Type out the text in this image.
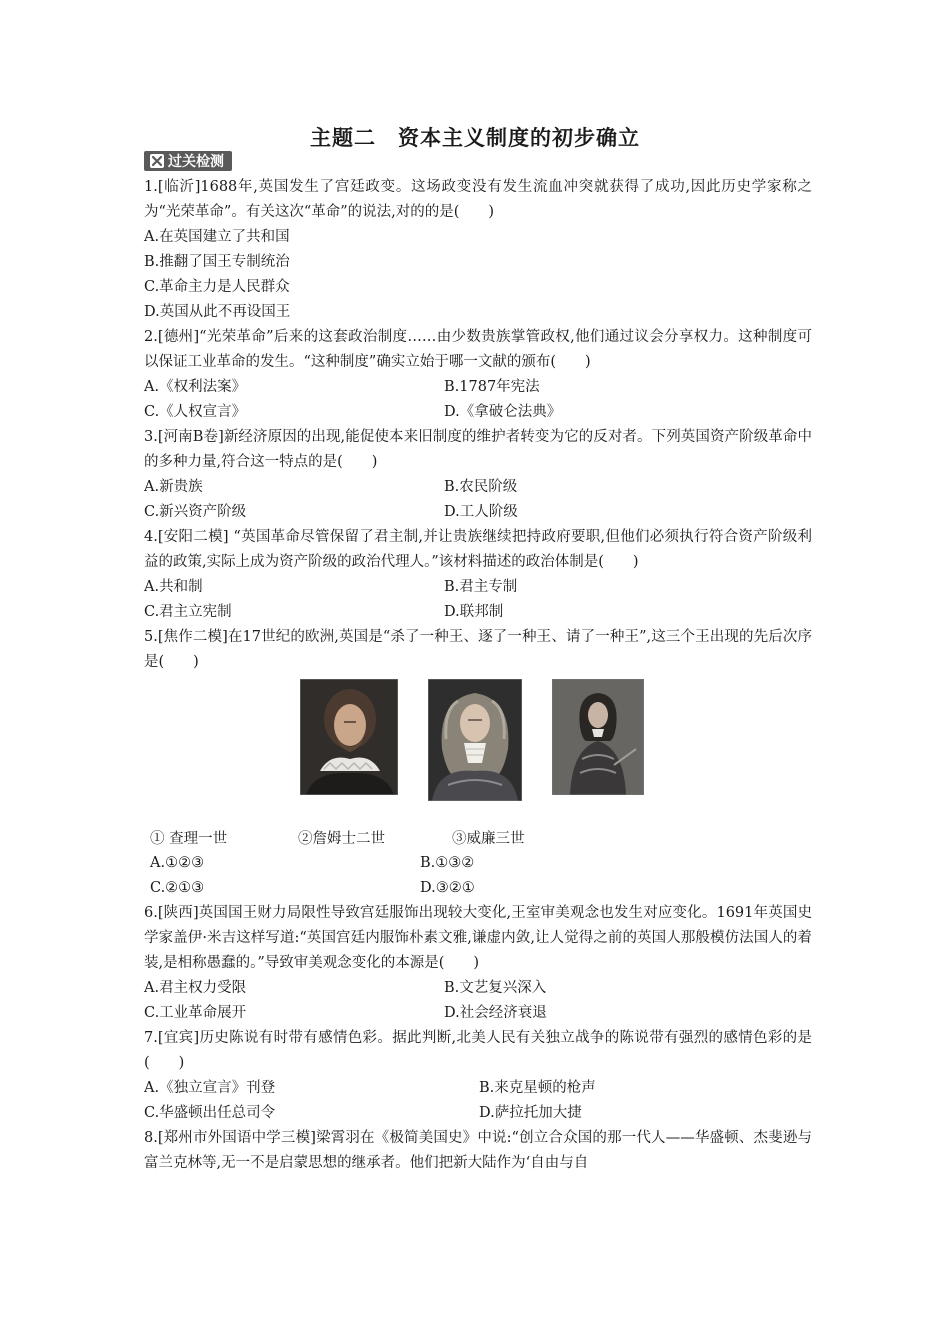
主题二　资本主义制度的初步确立
过关检测
1.[临沂]1688年,英国发生了宫廷政变。这场政变没有发生流血冲突就获得了成功,因此历史学家称之为“光荣革命”。有关这次“革命”的说法,对的的是(　　)
A.在英国建立了共和国
B.推翻了国王专制统治
C.革命主力是人民群众
D.英国从此不再设国王
2.[德州]“光荣革命”后来的这套政治制度……由少数贵族掌管政权,他们通过议会分享权力。这种制度可以保证工业革命的发生。“这种制度”确实立始于哪一文献的颁布(　　)
A.《权利法案》	B.1787年宪法
C.《人权宣言》	D.《拿破仑法典》
3.[河南B卷]新经济原因的出现,能促使本来旧制度的维护者转变为它的反对者。下列英国资产阶级革命中的多种力量,符合这一特点的是(　　)
A.新贵族	B.农民阶级
C.新兴资产阶级	D.工人阶级
4.[安阳二模] “英国革命尽管保留了君主制,并让贵族继续把持政府要职,但他们必须执行符合资产阶级利益的政策,实际上成为资产阶级的政治代理人。”该材料描述的政治体制是(　　)
A.共和制	B.君主专制
C.君主立宪制	D.联邦制
5.[焦作二模]在17世纪的欧洲,英国是“杀了一种王、逐了一种王、请了一种王”,这三个王出现的先后次序是(　　)
① 查理一世	②詹姆士二世	③威廉三世
A.①②③	B.①③②
C.②①③	D.③②①
6.[陕西]英国国王财力局限性导致宫廷服饰出现较大变化,王室审美观念也发生对应变化。1691年英国史学家盖伊·米吉这样写道:“英国宫廷内服饰朴素文雅,谦虚内敛,让人觉得之前的英国人那般模仿法国人的着装,是相称愚蠢的。”导致审美观念变化的本源是(　　)
A.君主权力受限	B.文艺复兴深入
C.工业革命展开	D.社会经济衰退
7.[宜宾]历史陈说有时带有感情色彩。据此判断,北美人民有关独立战争的陈说带有强烈的感情色彩的是(　　)
A.《独立宣言》刊登	B.来克星顿的枪声
C.华盛顿出任总司令	D.萨拉托加大捷
8.[郑州市外国语中学三模]梁霄羽在《极简美国史》中说:“创立合众国的那一代人——华盛顿、杰斐逊与富兰克林等,无一不是启蒙思想的继承者。他们把新大陆作为‘自由与自
